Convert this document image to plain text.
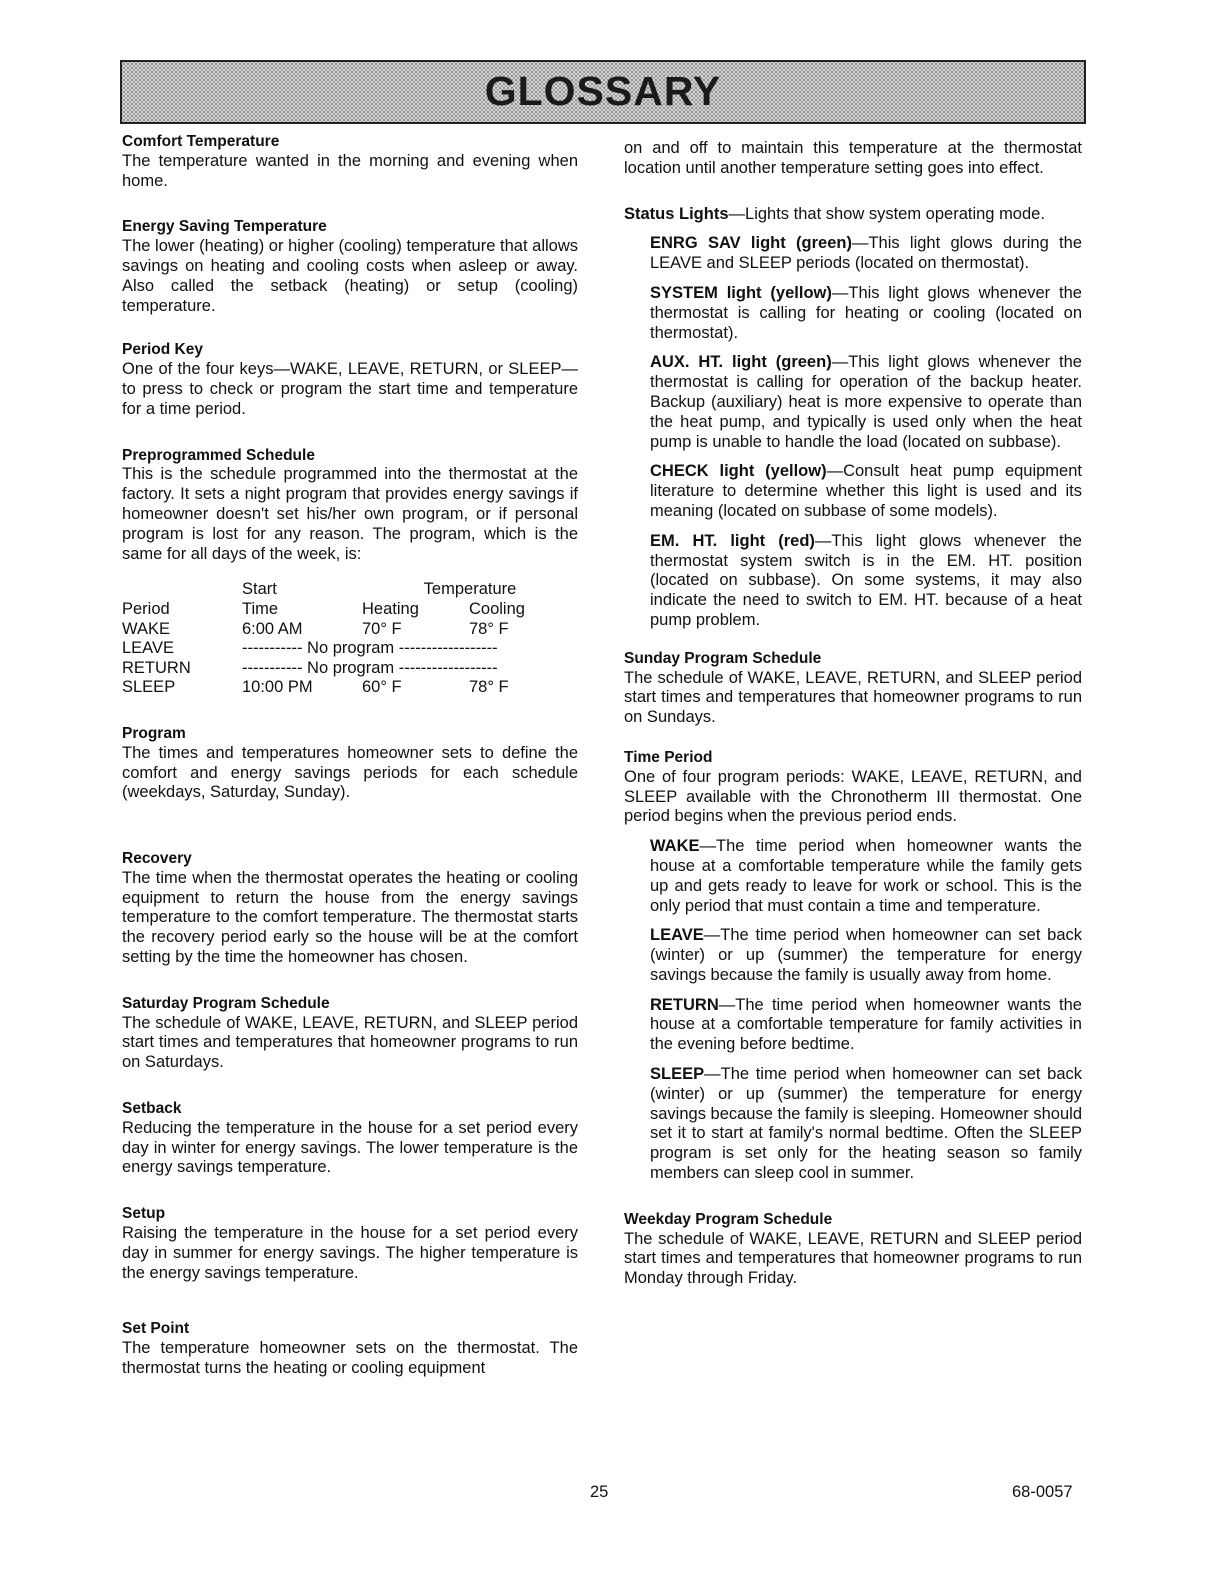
GLOSSARY
Comfort Temperature

The temperature wanted in the morning and evening when home.

Energy Saving Temperature

The lower (heating) or higher (cooling) temperature that allows savings on heating and cooling costs when asleep or away. Also called the setback (heating) or setup (cooling) temperature.

Period Key

One of the four keys—WAKE, LEAVE, RETURN, or SLEEP—to press to check or program the start time and temperature for a time period.

Preprogrammed Schedule

This is the schedule programmed into the thermostat at the factory. It sets a night program that provides energy savings if homeowner doesn't set his/her own program, or if personal program is lost for any reason. The program, which is the same for all days of the week, is:

	Start	Temperature	
Period	Time	Heating	Cooling
WAKE	6:00 AM	70° F	78° F
LEAVE	----------- No program ------------------		
RETURN	----------- No program ------------------		
SLEEP	10:00 PM	60° F	78° F
Program

The times and temperatures homeowner sets to define the comfort and energy savings periods for each schedule (weekdays, Saturday, Sunday).

Recovery

The time when the thermostat operates the heating or cooling equipment to return the house from the energy savings temperature to the comfort temperature. The thermostat starts the recovery period early so the house will be at the comfort setting by the time the homeowner has chosen.

Saturday Program Schedule

The schedule of WAKE, LEAVE, RETURN, and SLEEP period start times and temperatures that homeowner programs to run on Saturdays.

Setback

Reducing the temperature in the house for a set period every day in winter for energy savings. The lower temperature is the energy savings temperature.

Setup

Raising the temperature in the house for a set period every day in summer for energy savings. The higher temperature is the energy savings temperature.

Set Point

The temperature homeowner sets on the thermostat. The thermostat turns the heating or cooling equipment

on and off to maintain this temperature at the thermostat location until another temperature setting goes into effect.

Status Lights—Lights that show system operating mode.

ENRG SAV light (green)—This light glows during the LEAVE and SLEEP periods (located on thermostat).

SYSTEM light (yellow)—This light glows whenever the thermostat is calling for heating or cooling (located on thermostat).

AUX. HT. light (green)—This light glows whenever the thermostat is calling for operation of the backup heater. Backup (auxiliary) heat is more expensive to operate than the heat pump, and typically is used only when the heat pump is unable to handle the load (located on subbase).

CHECK light (yellow)—Consult heat pump equipment literature to determine whether this light is used and its meaning (located on subbase of some models).

EM. HT. light (red)—This light glows whenever the thermostat system switch is in the EM. HT. position (located on subbase). On some systems, it may also indicate the need to switch to EM. HT. because of a heat pump problem.

Sunday Program Schedule

The schedule of WAKE, LEAVE, RETURN, and SLEEP period start times and temperatures that homeowner programs to run on Sundays.

Time Period

One of four program periods: WAKE, LEAVE, RETURN, and SLEEP available with the Chronotherm III thermostat. One period begins when the previous period ends.

WAKE—The time period when homeowner wants the house at a comfortable temperature while the family gets up and gets ready to leave for work or school. This is the only period that must contain a time and temperature.

LEAVE—The time period when homeowner can set back (winter) or up (summer) the temperature for energy savings because the family is usually away from home.

RETURN—The time period when homeowner wants the house at a comfortable temperature for family activities in the evening before bedtime.

SLEEP—The time period when homeowner can set back (winter) or up (summer) the temperature for energy savings because the family is sleeping. Homeowner should set it to start at family's normal bedtime. Often the SLEEP program is set only for the heating season so family members can sleep cool in summer.

Weekday Program Schedule

The schedule of WAKE, LEAVE, RETURN and SLEEP period start times and temperatures that homeowner programs to run Monday through Friday.

25	68-0057
